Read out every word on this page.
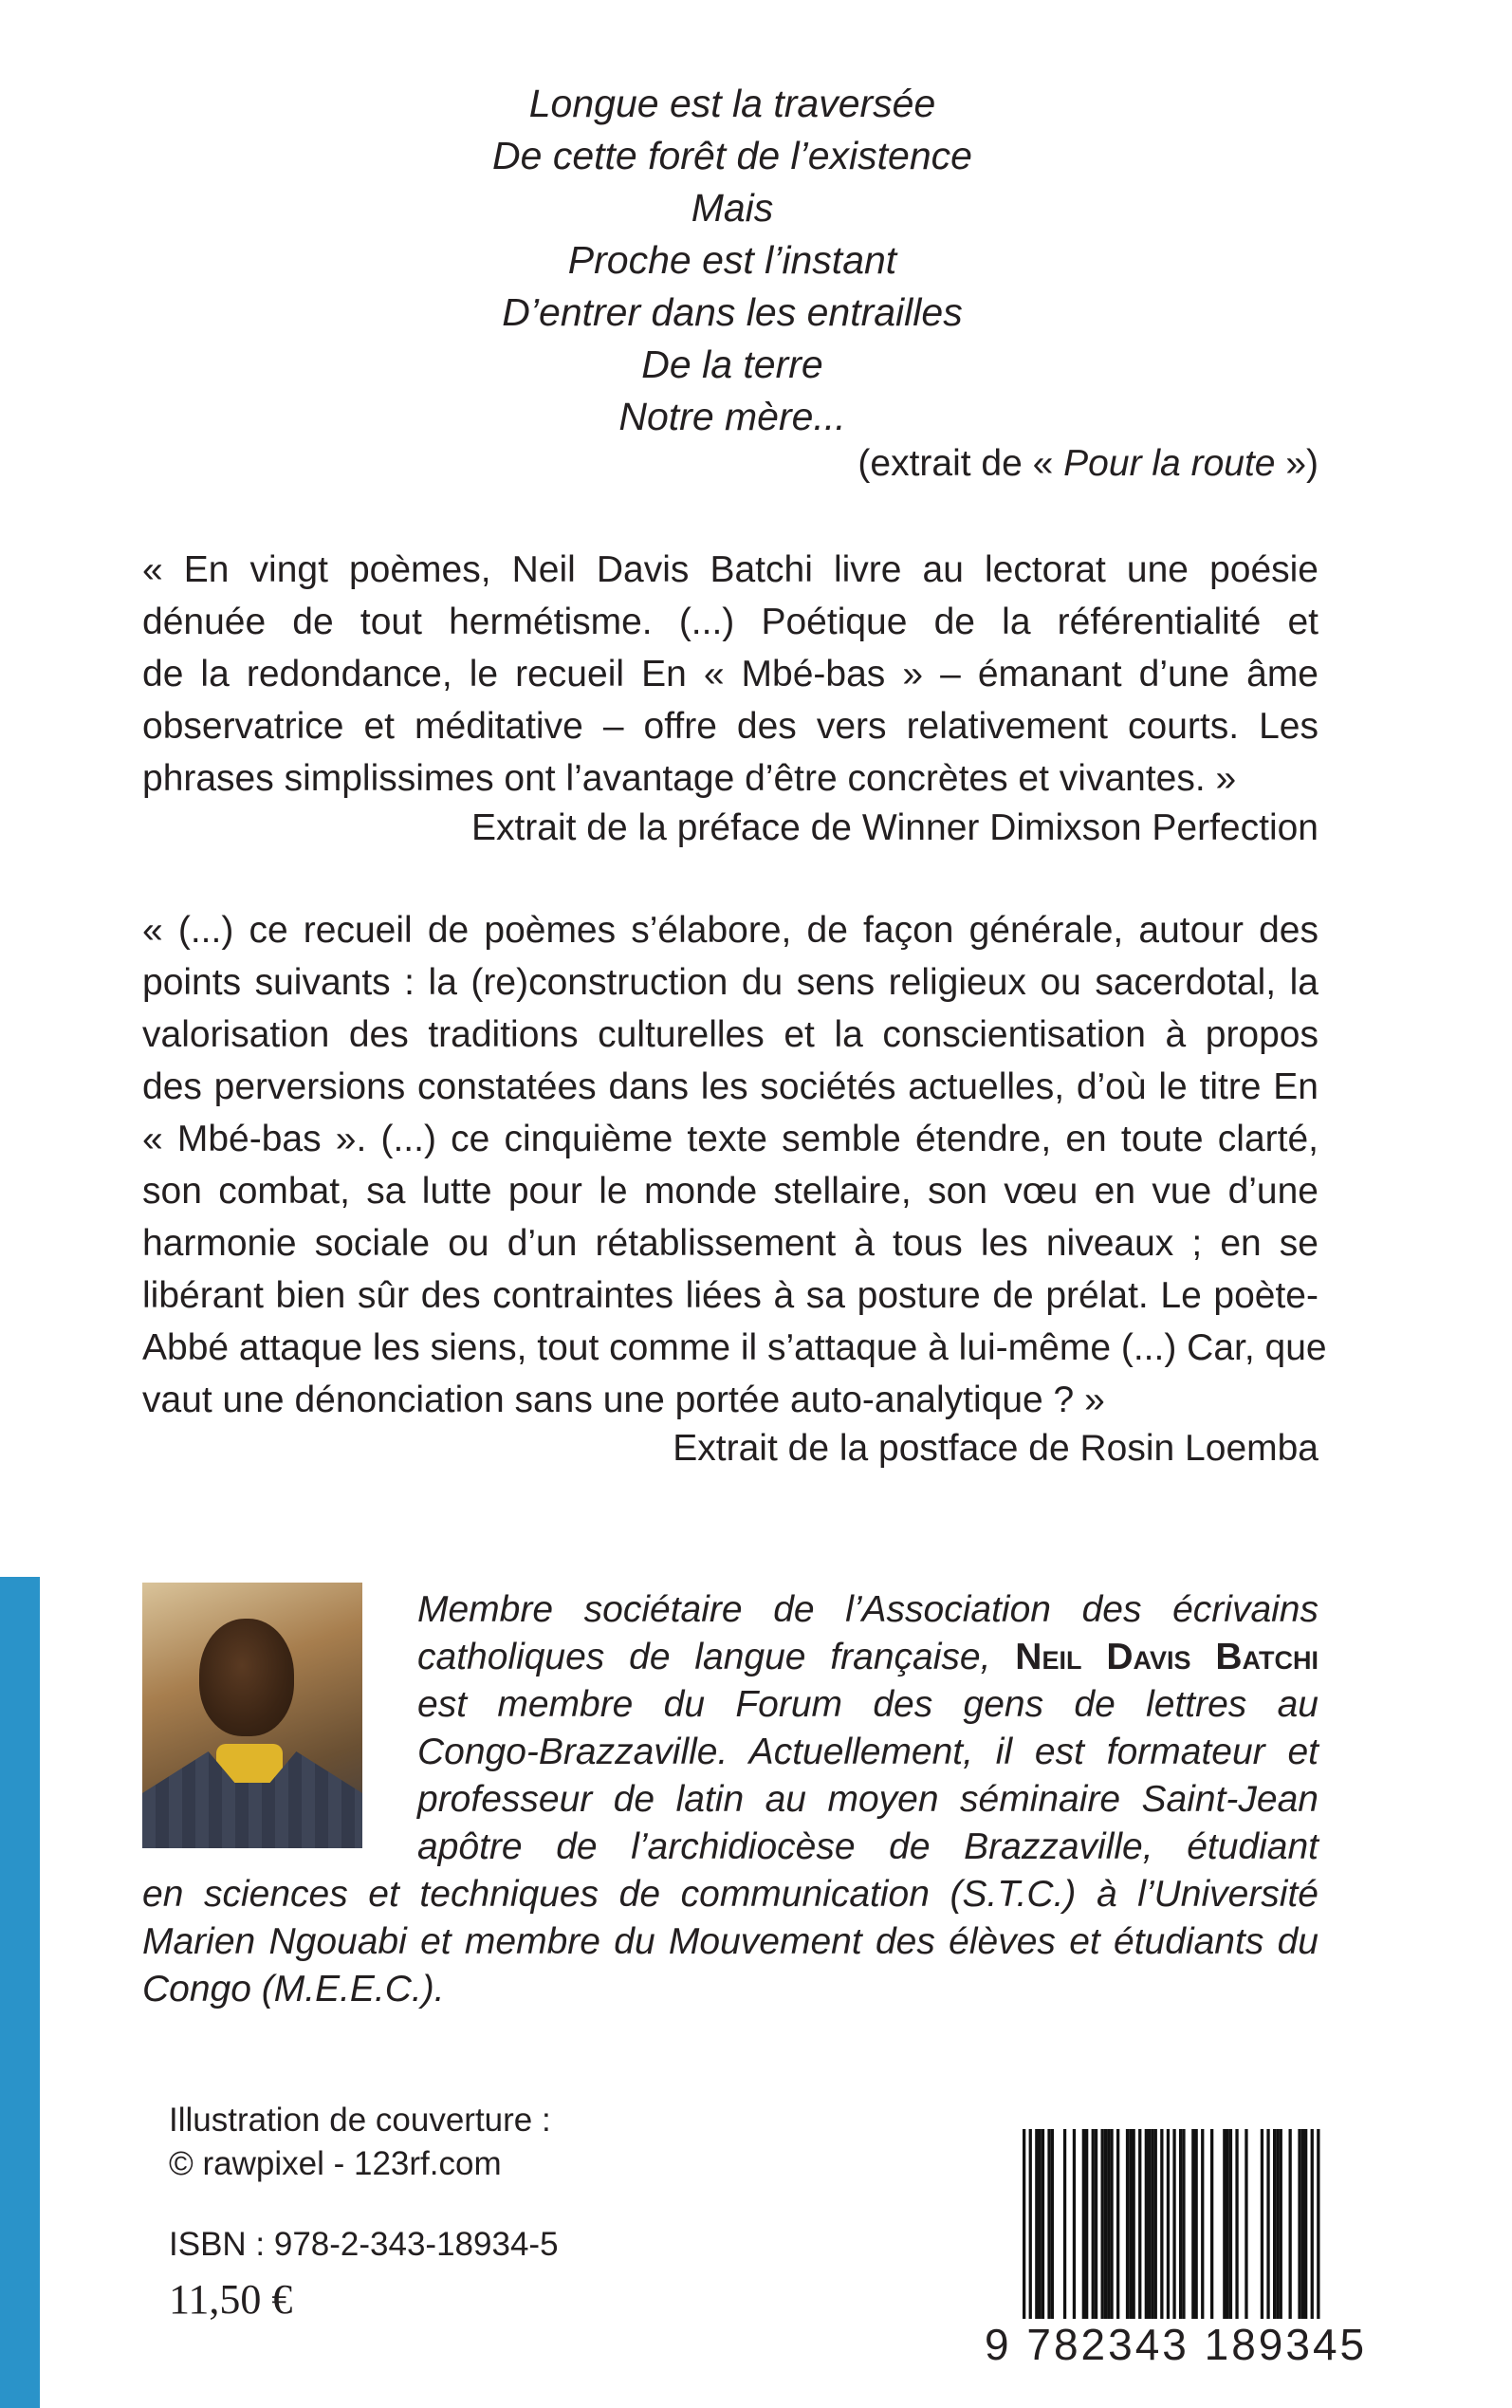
Longue est la traversée
De cette forêt de l’existence
Mais
Proche est l’instant
D’entrer dans les entrailles
De la terre
Notre mère...
(extrait de « Pour la route »)
« En vingt poèmes, Neil Davis Batchi livre au lectorat une poésie
dénuée de tout hermétisme. (...) Poétique de la référentialité et
de la redondance, le recueil En « Mbé-bas » – émanant d’une âme
observatrice et méditative – offre des vers relativement courts. Les
phrases simplissimes ont l’avantage d’être concrètes et vivantes. »
Extrait de la préface de Winner Dimixson Perfection
« (...) ce recueil de poèmes s’élabore, de façon générale, autour des
points suivants : la (re)construction du sens religieux ou sacerdotal, la
valorisation des traditions culturelles et la conscientisation à propos
des perversions constatées dans les sociétés actuelles, d’où le titre En
« Mbé-bas ». (...) ce cinquième texte semble étendre, en toute clarté,
son combat, sa lutte pour le monde stellaire, son vœu en vue d’une
harmonie sociale ou d’un rétablissement à tous les niveaux ; en se
libérant bien sûr des contraintes liées à sa posture de prélat. Le poète-
Abbé attaque les siens, tout comme il s’attaque à lui-même (...) Car, que
vaut une dénonciation sans une portée auto-analytique ? »
Extrait de la postface de Rosin Loemba
Membre sociétaire de l’Association des écrivains
catholiques de langue française, Neil Davis Batchi
est membre du Forum des gens de lettres au
Congo-Brazzaville. Actuellement, il est formateur et
professeur de latin au moyen séminaire Saint-Jean
apôtre de l’archidiocèse de Brazzaville, étudiant
en sciences et techniques de communication (S.T.C.) à l’Université
Marien Ngouabi et membre du Mouvement des élèves et étudiants du
Congo (M.E.E.C.).
Illustration de couverture :
© rawpixel - 123rf.com
ISBN : 978-2-343-18934-5
11,50 €
9 782343 189345
